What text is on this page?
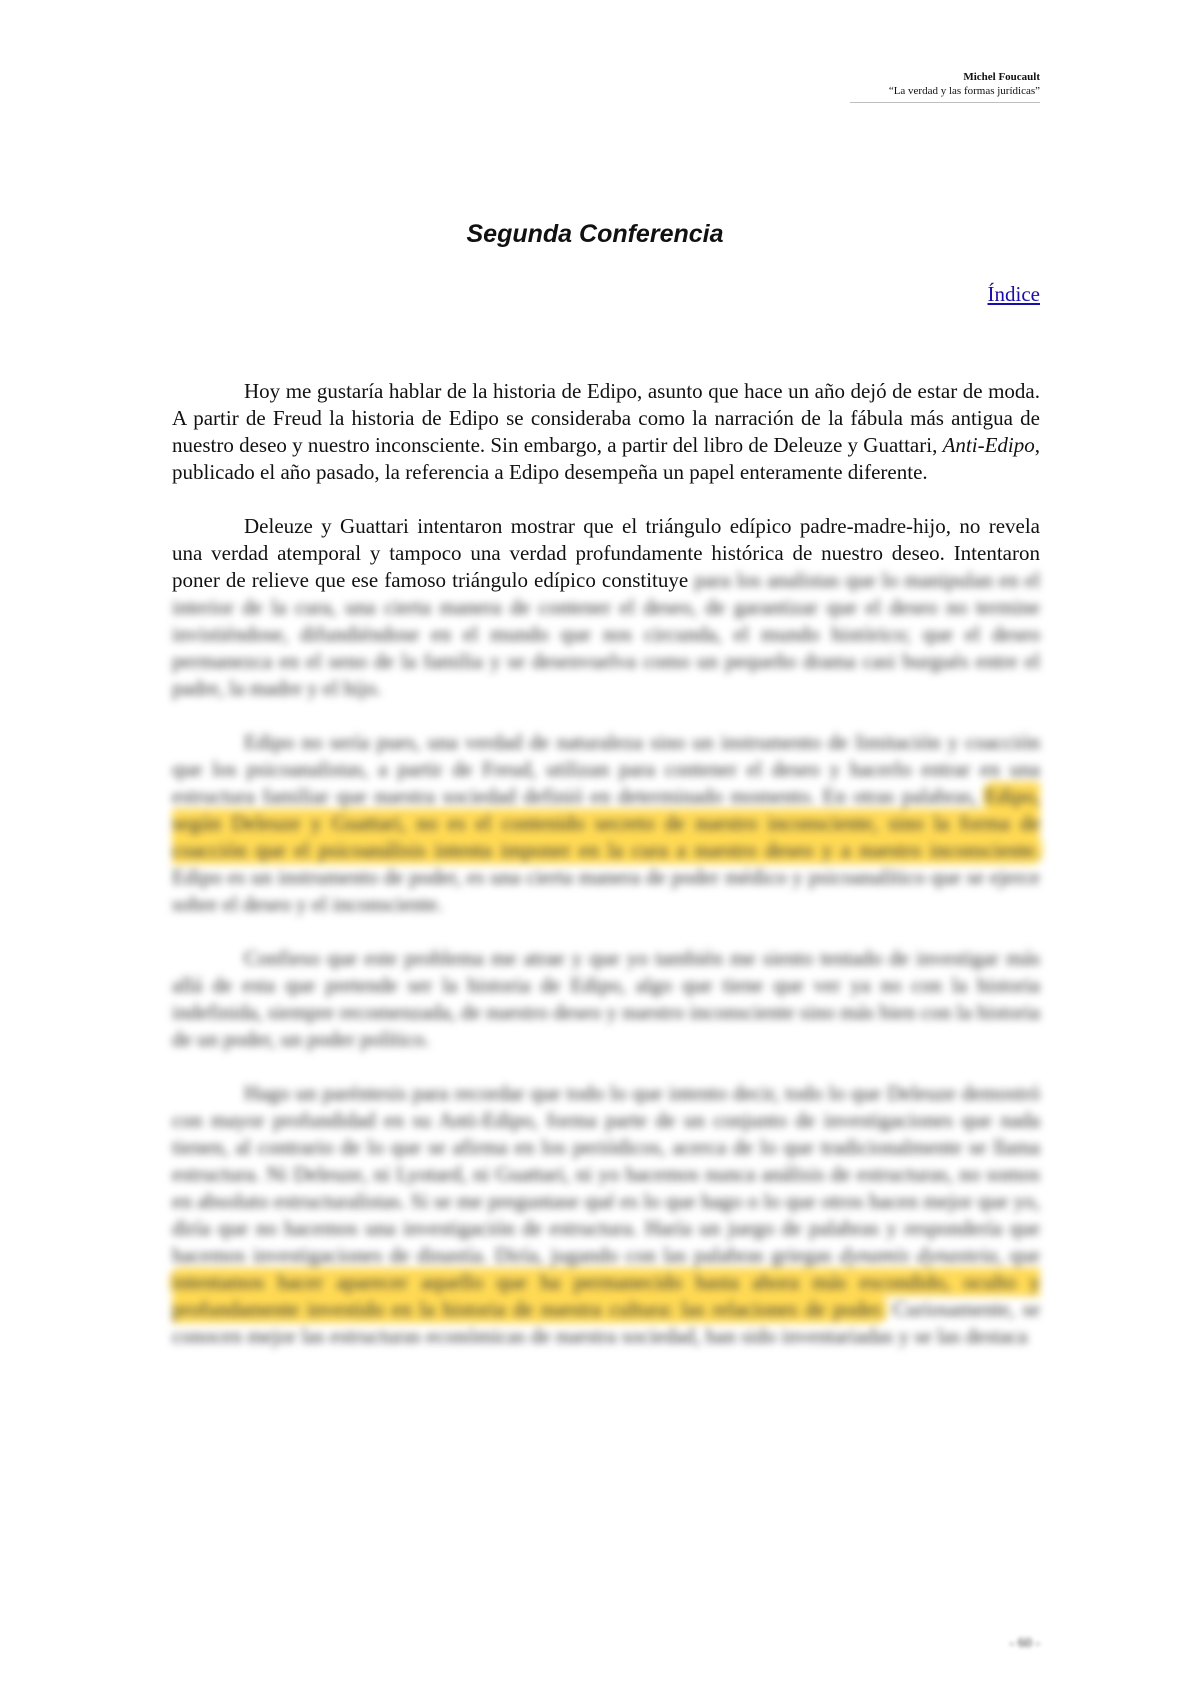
Michel Foucault
“La verdad y las formas jurídicas”
Segunda Conferencia
Índice

Hoy me gustaría hablar de la historia de Edipo, asunto que hace un año dejó de estar de moda. A partir de Freud la historia de Edipo se consideraba como la narración de la fábula más antigua de nuestro deseo y nuestro inconsciente. Sin embargo, a partir del libro de Deleuze y Guattari, Anti-Edipo, publicado el año pasado, la referencia a Edipo desempeña un papel enteramente diferente.

Deleuze y Guattari intentaron mostrar que el triángulo edípico padre-madre-hijo, no revela una verdad atemporal y tampoco una verdad profundamente histórica de nuestro deseo. Intentaron poner de relieve que ese famoso triángulo edípico constituye para los analistas que lo manipulan en el interior de la cura, una cierta manera de contener el deseo, de garantizar que el deseo no termine invistiéndose, difundiéndose en el mundo que nos circunda, el mundo histórico; que el deseo permanezca en el seno de la familia y se desenvuelva como un pequeño drama casi burgués entre el padre, la madre y el hijo.

Edipo no sería pues, una verdad de naturaleza sino un instrumento de limitación y coacción que los psicoanalistas, a partir de Freud, utilizan para contener el deseo y hacerlo entrar en una estructura familiar que nuestra sociedad definió en determinado momento. En otras palabras, Edipo, según Deleuze y Guattari, no es el contenido secreto de nuestro inconsciente, sino la forma de coacción que el psicoanálisis intenta imponer en la cura a nuestro deseo y a nuestro inconsciente. Edipo es un instrumento de poder, es una cierta manera de poder médico y psicoanalítico que se ejerce sobre el deseo y el inconsciente.

Confieso que este problema me atrae y que yo también me siento tentado de investigar más allá de esta que pretende ser la historia de Edipo, algo que tiene que ver ya no con la historia indefinida, siempre recomenzada, de nuestro deseo y nuestro inconsciente sino más bien con la historia de un poder, un poder político.

Hago un paréntesis para recordar que todo lo que intento decir, todo lo que Deleuze demostró con mayor profundidad en su Anti-Edipo, forma parte de un conjunto de investigaciones que nada tienen, al contrario de lo que se afirma en los periódicos, acerca de lo que tradicionalmente se llama estructura. Ni Deleuze, ni Lyotard, ni Guattari, ni yo hacemos nunca análisis de estructuras, no somos en absoluto estructuralistas. Si se me preguntase qué es lo que hago o lo que otros hacen mejor que yo, diría que no hacemos una investigación de estructura. Haría un juego de palabras y respondería que hacemos investigaciones de dinastía. Diría, jugando con las palabras griegas dynamis dynasteia, que intentamos hacer aparecer aquello que ha permanecido hasta ahora más escondido, oculto y profundamente investido en la historia de nuestra cultura: las relaciones de poder. Curiosamente, se conocen mejor las estructuras económicas de nuestra sociedad, han sido inventariadas y se las destaca

- 60 -
